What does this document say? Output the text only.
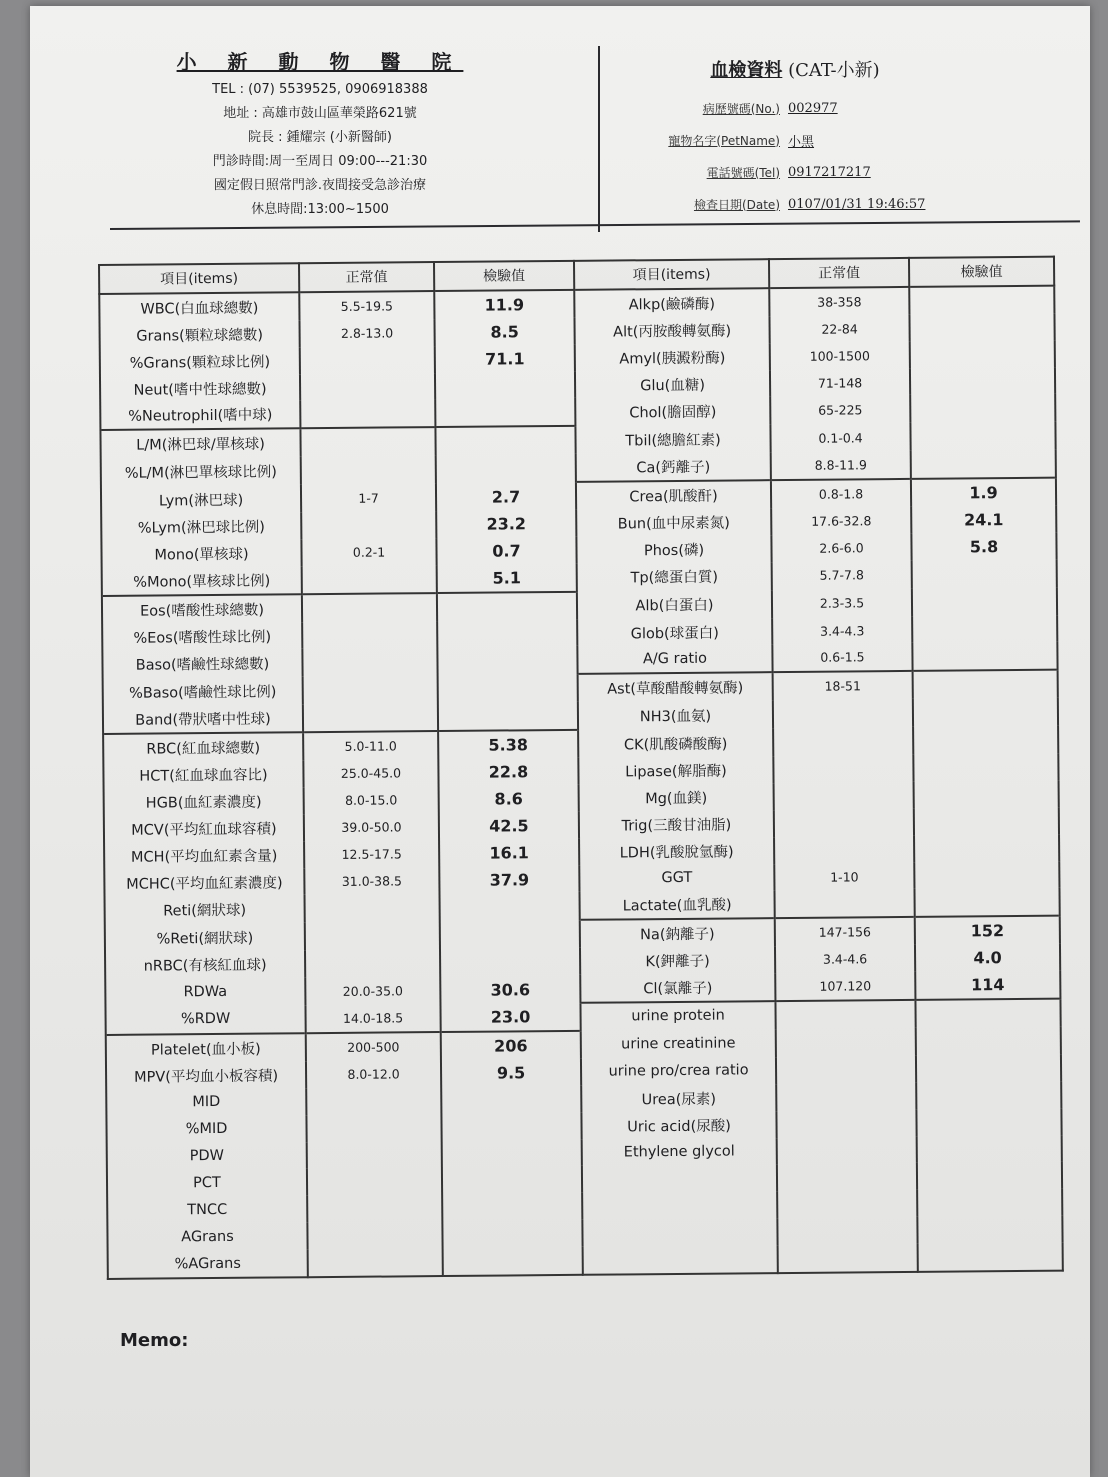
小 新 動 物 醫 院
TEL : (07) 5539525, 0906918388
地址 : 高雄市鼓山區華榮路621號
院長 : 鍾耀宗 (小新醫師)
門診時間:周一至周日 09:00---21:30
國定假日照常門診.夜間接受急診治療
休息時間:13:00~1500
血檢資料 (CAT-小新)
病歷號碼(No.) 002977
寵物名字(PetName) 小黑
電話號碼(Tel) 0917217217
檢查日期(Date) 0107/01/31 19:46:57
項目(items)	正常值	檢驗值	項目(items)	正常值	檢驗值
WBC(白血球總數)	5.5-19.5	11.9	Alkp(鹼磷酶)	38-358	
Grans(顆粒球總數)	2.8-13.0	8.5	Alt(丙胺酸轉氨酶)	22-84	
%Grans(顆粒球比例)		71.1	Amyl(胰澱粉酶)	100-1500	
Neut(嗜中性球總數)			Glu(血糖)	71-148	
%Neutrophil(嗜中球)			Chol(膽固醇)	65-225	
L/M(淋巴球/單核球)			Tbil(總膽紅素)	0.1-0.4	
%L/M(淋巴單核球比例)			Ca(鈣離子)	8.8-11.9	
Lym(淋巴球)	1-7	2.7	Crea(肌酸酐)	0.8-1.8	1.9
%Lym(淋巴球比例)		23.2	Bun(血中尿素氮)	17.6-32.8	24.1
Mono(單核球)	0.2-1	0.7	Phos(磷)	2.6-6.0	5.8
%Mono(單核球比例)		5.1	Tp(總蛋白質)	5.7-7.8	
Eos(嗜酸性球總數)			Alb(白蛋白)	2.3-3.5	
%Eos(嗜酸性球比例)			Glob(球蛋白)	3.4-4.3	
Baso(嗜鹼性球總數)			A/G ratio	0.6-1.5	
%Baso(嗜鹼性球比例)			Ast(草酸醋酸轉氨酶)	18-51	
Band(帶狀嗜中性球)			NH3(血氨)		
RBC(紅血球總數)	5.0-11.0	5.38	CK(肌酸磷酸酶)		
HCT(紅血球血容比)	25.0-45.0	22.8	Lipase(解脂酶)		
HGB(血紅素濃度)	8.0-15.0	8.6	Mg(血鎂)		
MCV(平均紅血球容積)	39.0-50.0	42.5	Trig(三酸甘油脂)		
MCH(平均血紅素含量)	12.5-17.5	16.1	LDH(乳酸脫氫酶)		
MCHC(平均血紅素濃度)	31.0-38.5	37.9	GGT	1-10	
Reti(網狀球)			Lactate(血乳酸)		
%Reti(網狀球)			Na(鈉離子)	147-156	152
nRBC(有核紅血球)			K(鉀離子)	3.4-4.6	4.0
RDWa	20.0-35.0	30.6	Cl(氯離子)	107.120	114
%RDW	14.0-18.5	23.0	urine protein		
Platelet(血小板)	200-500	206	urine creatinine		
MPV(平均血小板容積)	8.0-12.0	9.5	urine pro/crea ratio		
MID			Urea(尿素)		
%MID			Uric acid(尿酸)		
PDW			Ethylene glycol		
PCT					
TNCC					
AGrans					
%AGrans					
Memo:
